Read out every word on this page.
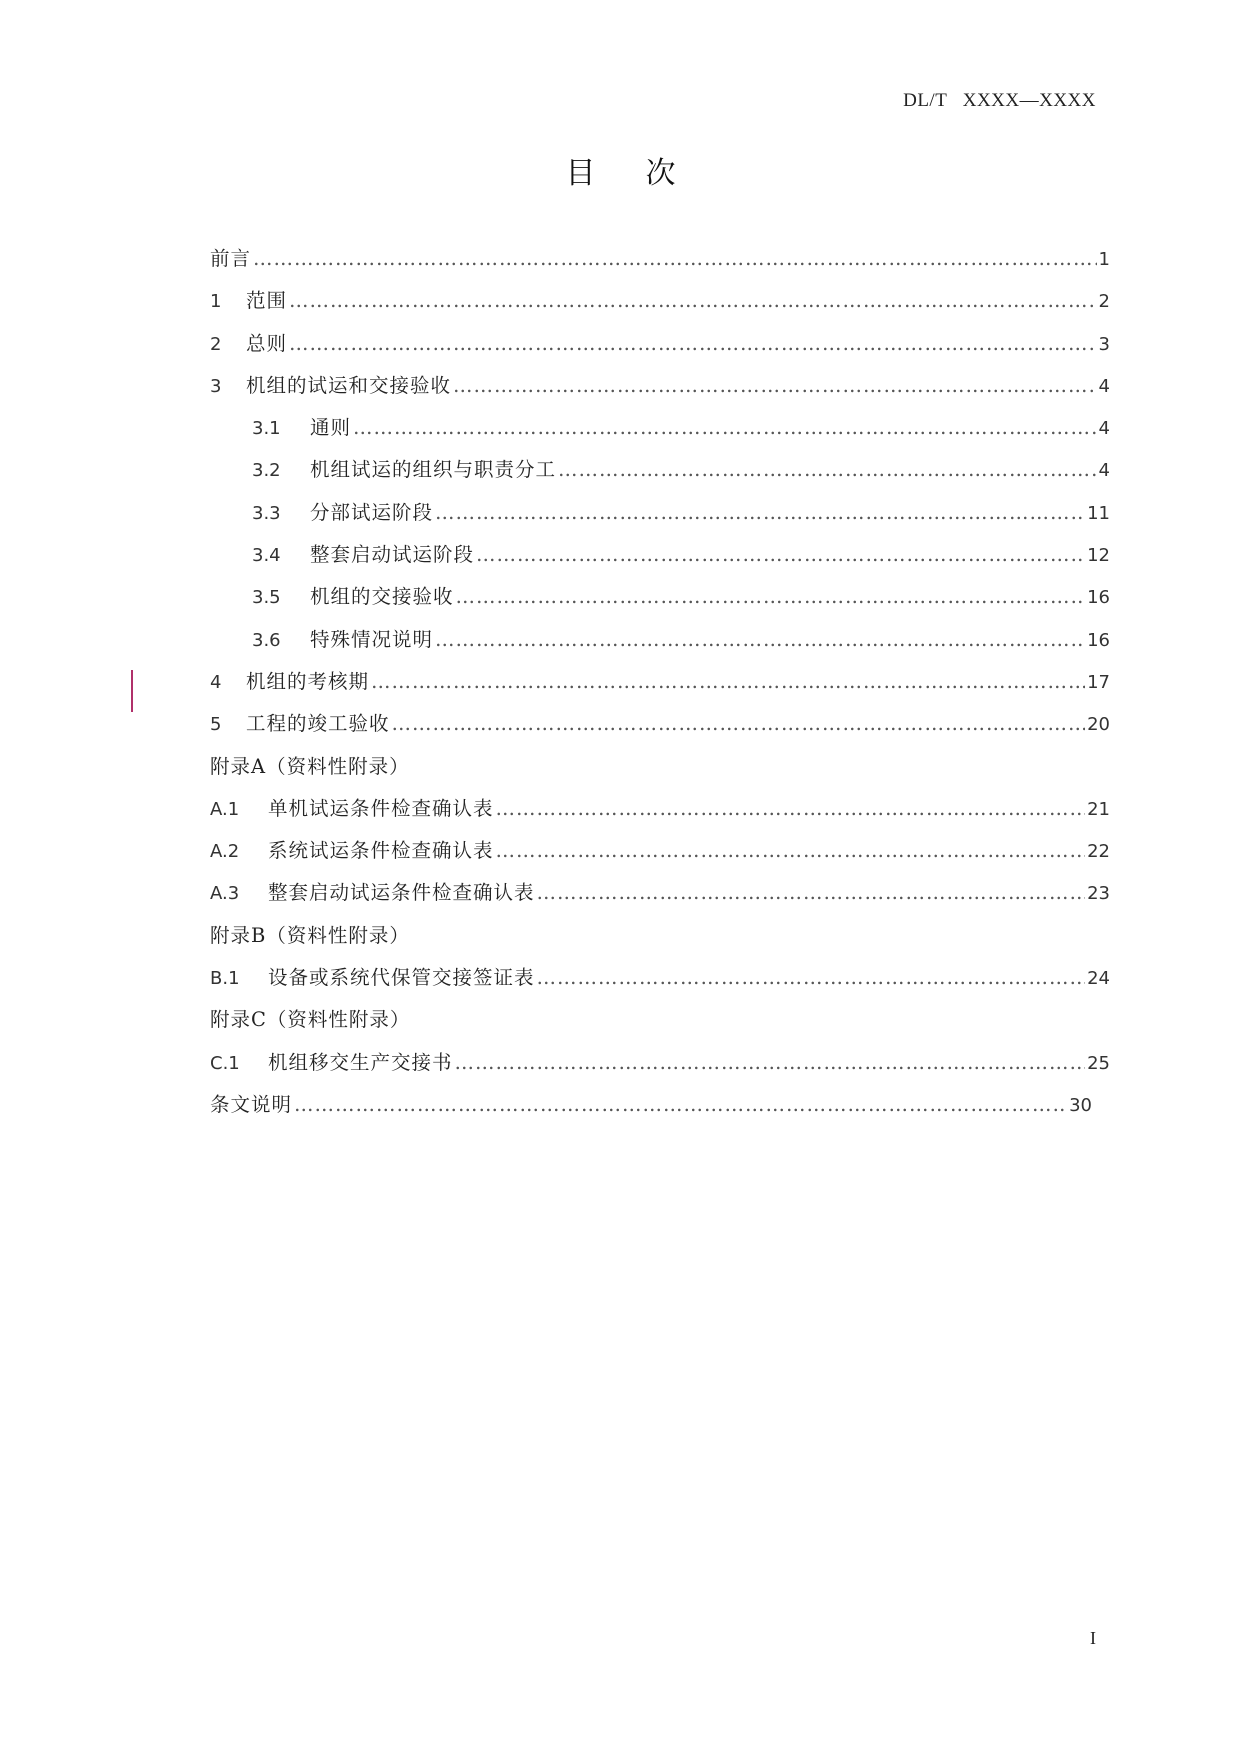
DL/T   XXXX—XXXX
目次
前言 ……………………………………………………………………………………………………………………………………………………………………	1
1	范围 ……………………………………………………………………………………………………………………………………………………………………	2
2	总则 ……………………………………………………………………………………………………………………………………………………………………	3
3	机组的试运和交接验收 ……………………………………………………………………………………………………………………………………………………………………	4
3.1	通则 ……………………………………………………………………………………………………………………………………………………………………	4
3.2	机组试运的组织与职责分工 ……………………………………………………………………………………………………………………………………………………………………	4
3.3	分部试运阶段 ……………………………………………………………………………………………………………………………………………………………………	11
3.4	整套启动试运阶段 ……………………………………………………………………………………………………………………………………………………………………	12
3.5	机组的交接验收 ……………………………………………………………………………………………………………………………………………………………………	16
3.6	特殊情况说明 ……………………………………………………………………………………………………………………………………………………………………	16
4	机组的考核期 ……………………………………………………………………………………………………………………………………………………………………	17
5	工程的竣工验收 ……………………………………………………………………………………………………………………………………………………………………	20
附录A（资料性附录）
A.1	单机试运条件检查确认表 ……………………………………………………………………………………………………………………………………………………………………	21
A.2	系统试运条件检查确认表 ……………………………………………………………………………………………………………………………………………………………………	22
A.3	整套启动试运条件检查确认表 ……………………………………………………………………………………………………………………………………………………………………	23
附录B（资料性附录）
B.1	设备或系统代保管交接签证表 ……………………………………………………………………………………………………………………………………………………………………	24
附录C（资料性附录）
C.1	机组移交生产交接书 ……………………………………………………………………………………………………………………………………………………………………	25
条文说明 ……………………………………………………………………………………………………………………………………………………………………	30
I
